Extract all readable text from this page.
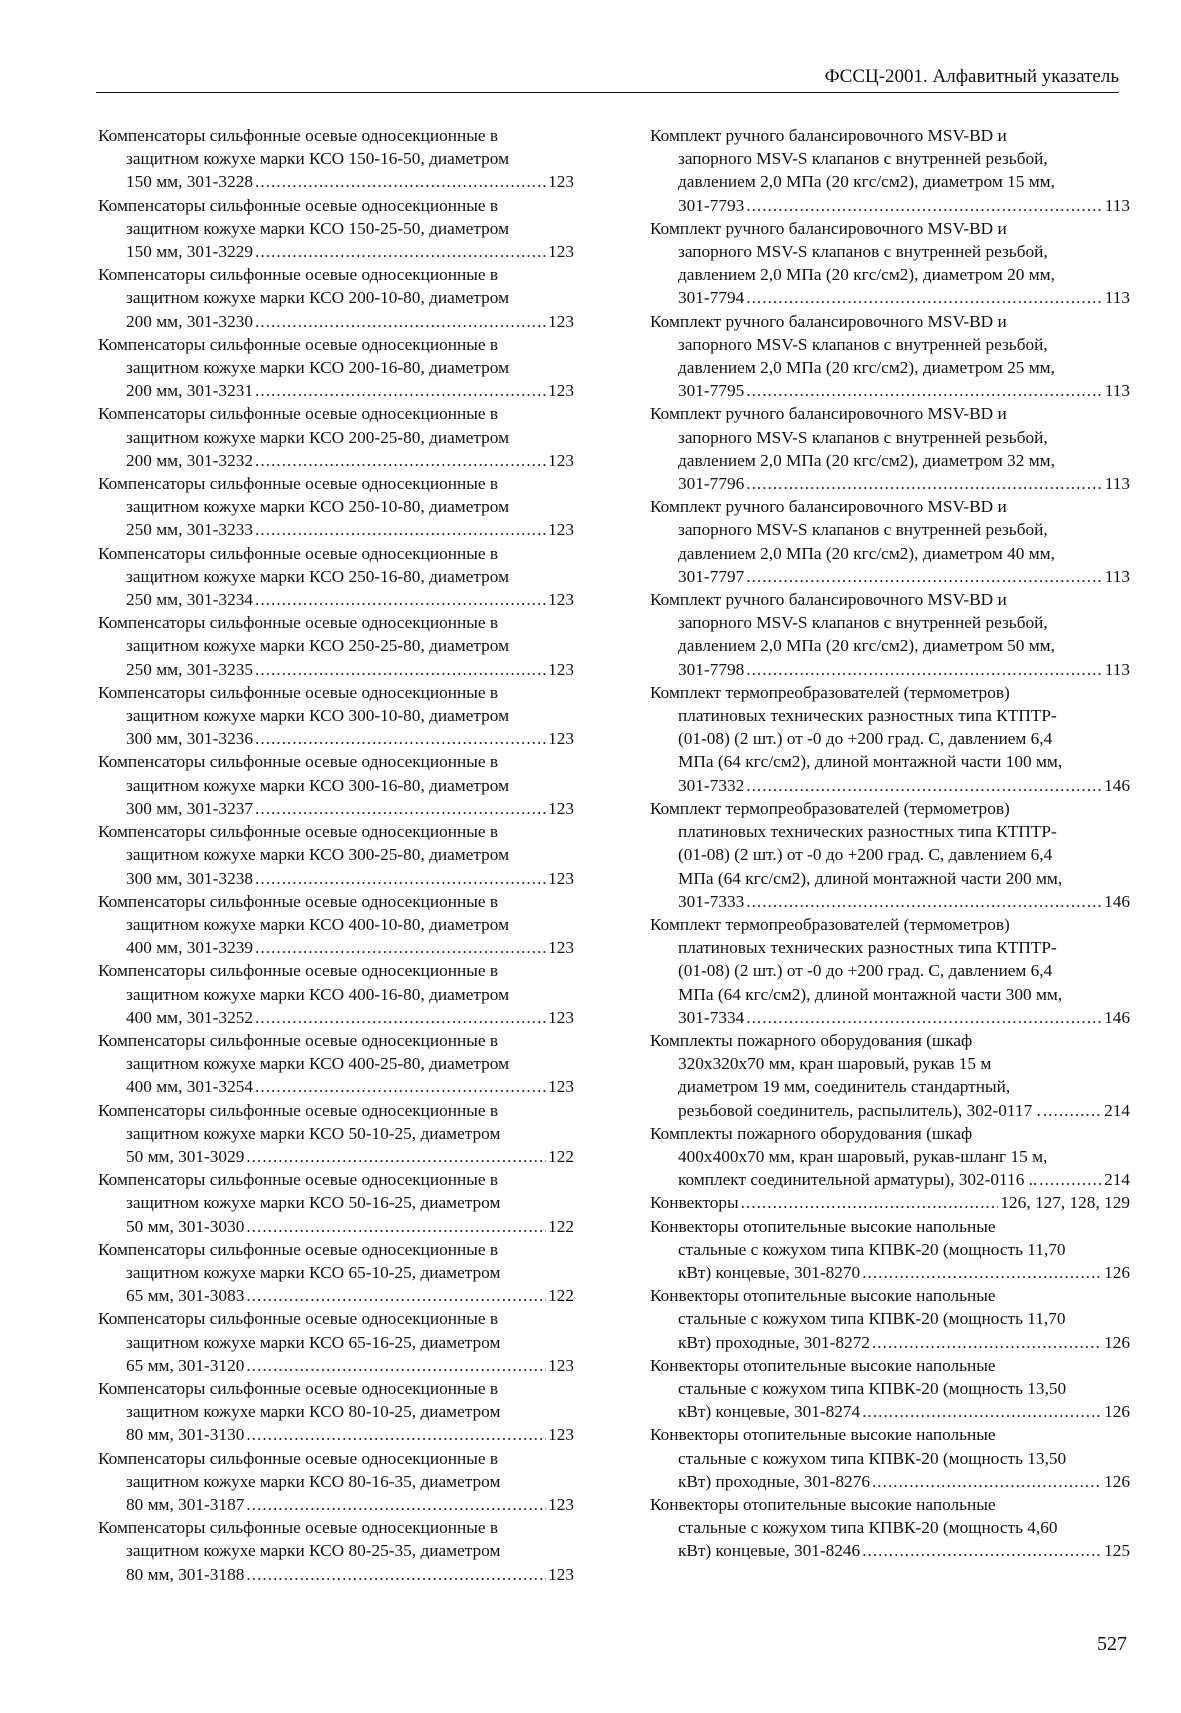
ФССЦ-2001. Алфавитный указатель

Компенсаторы сильфонные осевые односекционные в

защитном кожухе марки КСО 150-16-50, диаметром

150 мм, 301-3228 .....	123

Компенсаторы сильфонные осевые односекционные в

защитном кожухе марки КСО 150-25-50, диаметром

150 мм, 301-3229 .....	123

Компенсаторы сильфонные осевые односекционные в

защитном кожухе марки КСО 200-10-80, диаметром

200 мм, 301-3230 .....	123

Компенсаторы сильфонные осевые односекционные в

защитном кожухе марки КСО 200-16-80, диаметром

200 мм, 301-3231 .....	123

Компенсаторы сильфонные осевые односекционные в

защитном кожухе марки КСО 200-25-80, диаметром

200 мм, 301-3232 .....	123

Компенсаторы сильфонные осевые односекционные в

защитном кожухе марки КСО 250-10-80, диаметром

250 мм, 301-3233 .....	123

Компенсаторы сильфонные осевые односекционные в

защитном кожухе марки КСО 250-16-80, диаметром

250 мм, 301-3234 .....	123

Компенсаторы сильфонные осевые односекционные в

защитном кожухе марки КСО 250-25-80, диаметром

250 мм, 301-3235 .....	123

Компенсаторы сильфонные осевые односекционные в

защитном кожухе марки КСО 300-10-80, диаметром

300 мм, 301-3236 .....	123

Компенсаторы сильфонные осевые односекционные в

защитном кожухе марки КСО 300-16-80, диаметром

300 мм, 301-3237 .....	123

Компенсаторы сильфонные осевые односекционные в

защитном кожухе марки КСО 300-25-80, диаметром

300 мм, 301-3238 .....	123

Компенсаторы сильфонные осевые односекционные в

защитном кожухе марки КСО 400-10-80, диаметром

400 мм, 301-3239 .....	123

Компенсаторы сильфонные осевые односекционные в

защитном кожухе марки КСО 400-16-80, диаметром

400 мм, 301-3252 .....	123

Компенсаторы сильфонные осевые односекционные в

защитном кожухе марки КСО 400-25-80, диаметром

400 мм, 301-3254 .....	123

Компенсаторы сильфонные осевые односекционные в

защитном кожухе марки КСО 50-10-25, диаметром

50 мм, 301-3029 .....	122

Компенсаторы сильфонные осевые односекционные в

защитном кожухе марки КСО 50-16-25, диаметром

50 мм, 301-3030 .....	122

Компенсаторы сильфонные осевые односекционные в

защитном кожухе марки КСО 65-10-25, диаметром

65 мм, 301-3083 .....	122

Компенсаторы сильфонные осевые односекционные в

защитном кожухе марки КСО 65-16-25, диаметром

65 мм, 301-3120 .....	123

Компенсаторы сильфонные осевые односекционные в

защитном кожухе марки КСО 80-10-25, диаметром

80 мм, 301-3130 .....	123

Компенсаторы сильфонные осевые односекционные в

защитном кожухе марки КСО 80-16-35, диаметром

80 мм, 301-3187 .....	123

Компенсаторы сильфонные осевые односекционные в

защитном кожухе марки КСО 80-25-35, диаметром

80 мм, 301-3188 .....	123

Комплект ручного балансировочного MSV-BD и

запорного MSV-S клапанов с внутренней резьбой,

давлением 2,0 МПа (20 кгс/см2), диаметром 15 мм,

301-7793 .....	113

Комплект ручного балансировочного MSV-BD и

запорного MSV-S клапанов с внутренней резьбой,

давлением 2,0 МПа (20 кгс/см2), диаметром 20 мм,

301-7794 .....	113

Комплект ручного балансировочного MSV-BD и

запорного MSV-S клапанов с внутренней резьбой,

давлением 2,0 МПа (20 кгс/см2), диаметром 25 мм,

301-7795 .....	113

Комплект ручного балансировочного MSV-BD и

запорного MSV-S клапанов с внутренней резьбой,

давлением 2,0 МПа (20 кгс/см2), диаметром 32 мм,

301-7796 .....	113

Комплект ручного балансировочного MSV-BD и

запорного MSV-S клапанов с внутренней резьбой,

давлением 2,0 МПа (20 кгс/см2), диаметром 40 мм,

301-7797 .....	113

Комплект ручного балансировочного MSV-BD и

запорного MSV-S клапанов с внутренней резьбой,

давлением 2,0 МПа (20 кгс/см2), диаметром 50 мм,

301-7798 .....	113

Комплект термопреобразователей (термометров)

платиновых технических разностных типа КТПТР-

(01-08) (2 шт.) от -0 до +200 град. С, давлением 6,4

МПа (64 кгс/см2), длиной монтажной части 100 мм,

301-7332 .....	146

Комплект термопреобразователей (термометров)

платиновых технических разностных типа КТПТР-

(01-08) (2 шт.) от -0 до +200 град. С, давлением 6,4

МПа (64 кгс/см2), длиной монтажной части 200 мм,

301-7333 .....	146

Комплект термопреобразователей (термометров)

платиновых технических разностных типа КТПТР-

(01-08) (2 шт.) от -0 до +200 град. С, давлением 6,4

МПа (64 кгс/см2), длиной монтажной части 300 мм,

301-7334 .....	146

Комплекты пожарного оборудования (шкаф

320x320x70 мм, кран шаровый, рукав 15 м

диаметром 19 мм, соединитель стандартный,

резьбовой соединитель, распылитель), 302-0117 . .....	214

Комплекты пожарного оборудования (шкаф

400x400x70 мм, кран шаровый, рукав-шланг 15 м,

комплект соединительной арматуры), 302-0116 .. .....	214

Конвекторы .....	126, 127, 128, 129

Конвекторы отопительные высокие напольные

стальные с кожухом типа КПВК-20 (мощность 11,70

кВт) концевые, 301-8270 .....	126

Конвекторы отопительные высокие напольные

стальные с кожухом типа КПВК-20 (мощность 11,70

кВт) проходные, 301-8272 .....	126

Конвекторы отопительные высокие напольные

стальные с кожухом типа КПВК-20 (мощность 13,50

кВт) концевые, 301-8274 .....	126

Конвекторы отопительные высокие напольные

стальные с кожухом типа КПВК-20 (мощность 13,50

кВт) проходные, 301-8276 .....	126

Конвекторы отопительные высокие напольные

стальные с кожухом типа КПВК-20 (мощность 4,60

кВт) концевые, 301-8246 .....	125

527
